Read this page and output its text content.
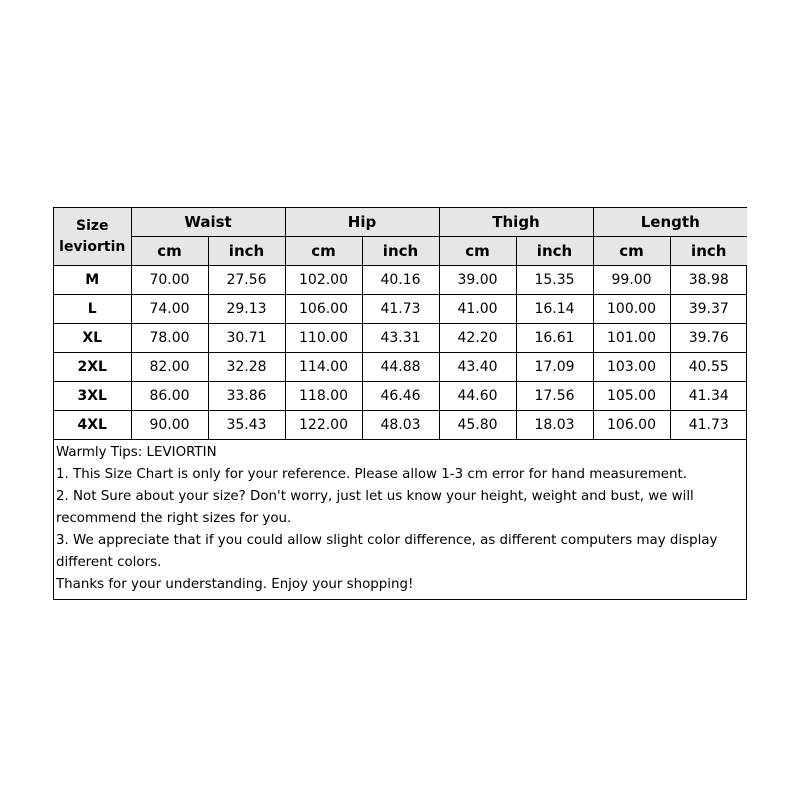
Size
leviortin	Waist		Hip		Thigh		Length	
	cm	inch	cm	inch	cm	inch	cm	inch
M	70.00	27.56	102.00	40.16	39.00	15.35	99.00	38.98
L	74.00	29.13	106.00	41.73	41.00	16.14	100.00	39.37
XL	78.00	30.71	110.00	43.31	42.20	16.61	101.00	39.76
2XL	82.00	32.28	114.00	44.88	43.40	17.09	103.00	40.55
3XL	86.00	33.86	118.00	46.46	44.60	17.56	105.00	41.34
4XL	90.00	35.43	122.00	48.03	45.80	18.03	106.00	41.73
Warmly Tips: LEVIORTIN
1. This Size Chart is only for your reference. Please allow 1-3 cm error for hand measurement.
2. Not Sure about your size? Don't worry, just let us know your height, weight and bust, we will
recommend the right sizes for you.
3. We appreciate that if you could allow slight color difference, as different computers may display
different colors.
Thanks for your understanding. Enjoy your shopping!
